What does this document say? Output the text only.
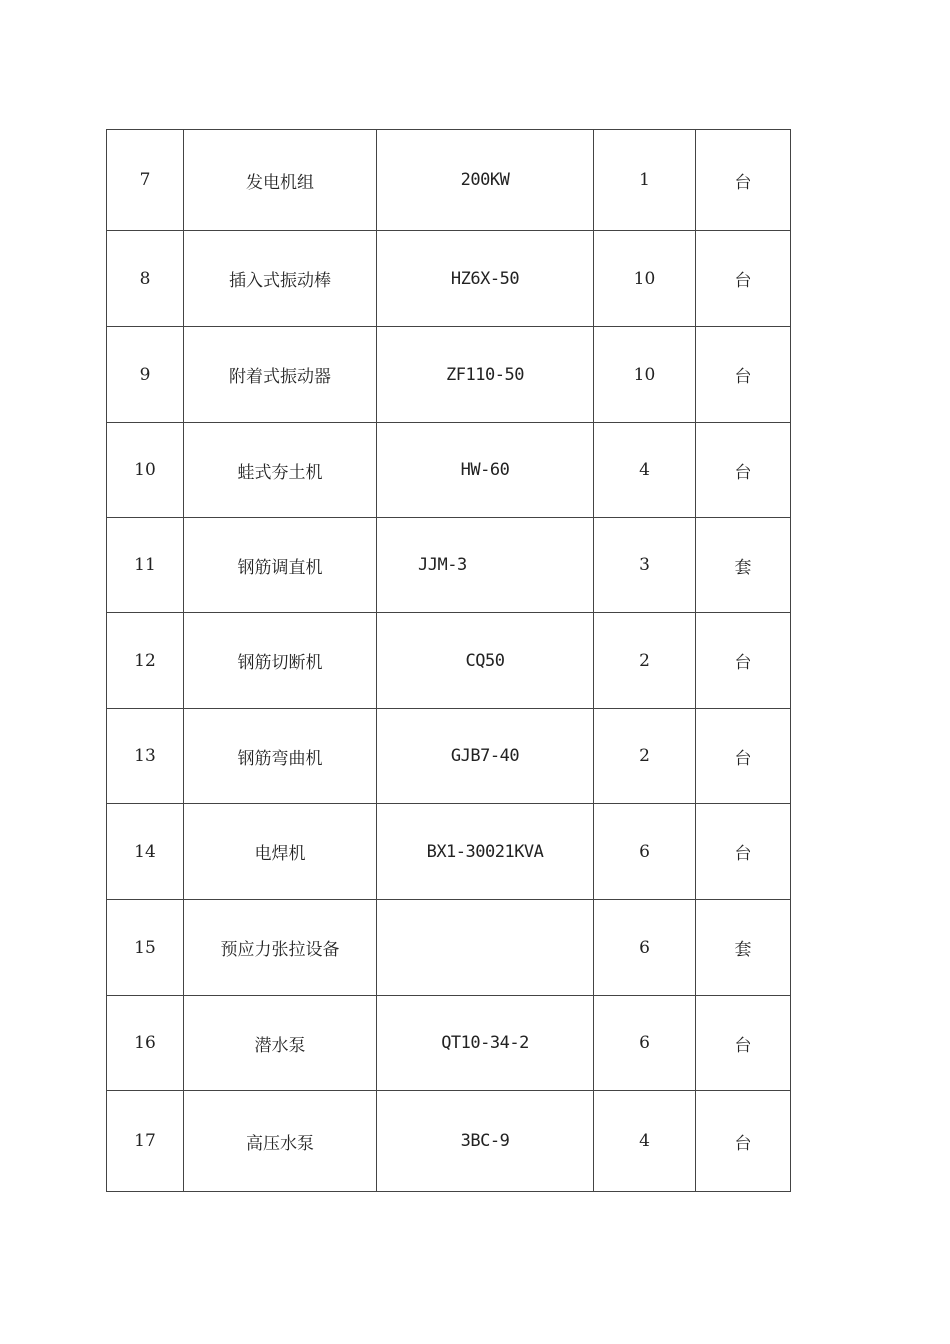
7	发电机组	200KW	1	台
8	插入式振动棒	HZ6X-50	10	台
9	附着式振动器	ZF110-50	10	台
10	蛙式夯土机	HW-60	4	台
11	钢筋调直机	JJM-3	3	套
12	钢筋切断机	CQ50	2	台
13	钢筋弯曲机	GJB7-40	2	台
14	电焊机	BX1-30021KVA	6	台
15	预应力张拉设备		6	套
16	潜水泵	QT10-34-2	6	台
17	高压水泵	3BC-9	4	台
